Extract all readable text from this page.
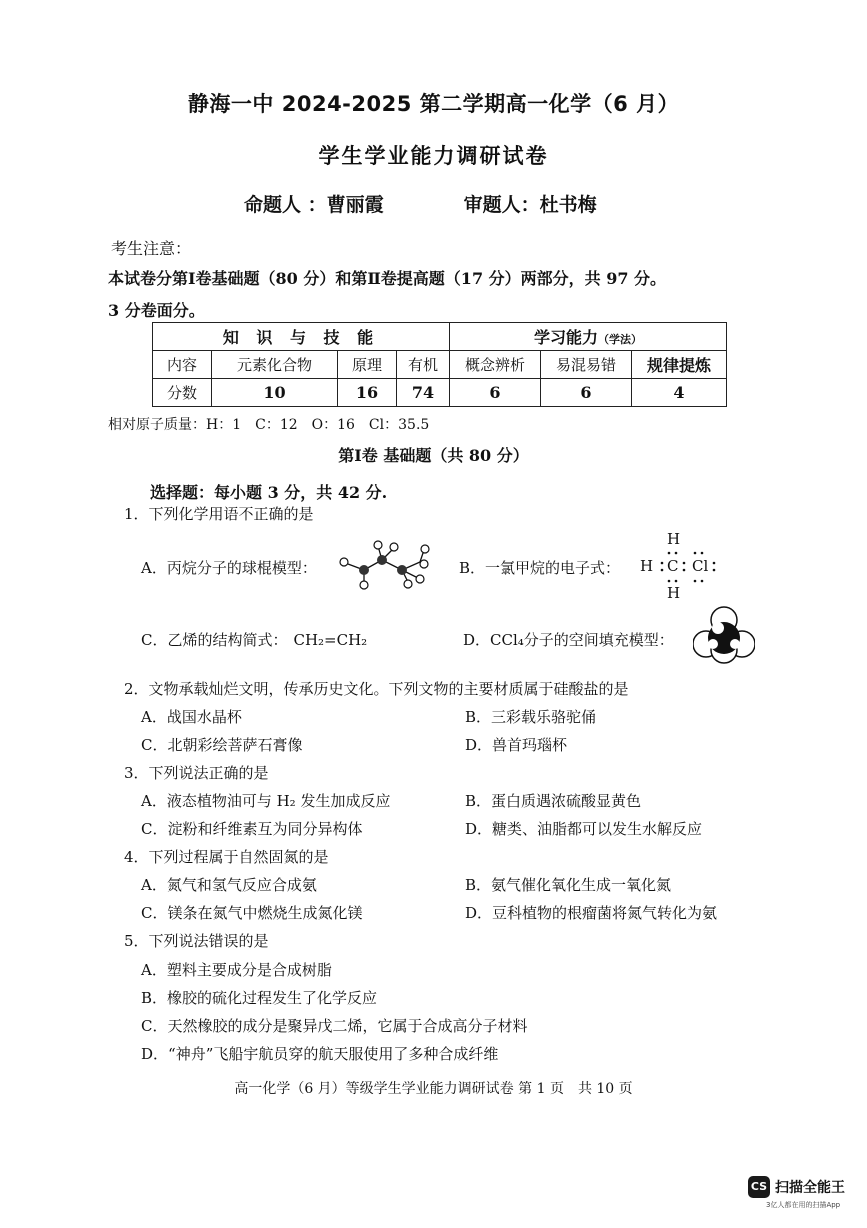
静海一中 2024-2025 第二学期高一化学（6 月）
学生学业能力调研试卷
命题人 ：曹丽霞	审题人：杜书梅
考生注意：
本试卷分第Ⅰ卷基础题（80 分）和第Ⅱ卷提高题（17 分）两部分，共 97 分。
3 分卷面分。
知 识 与 技 能				学习能力（学法）		
内容	元素化合物	原理	有机	概念辨析	易混易错	规律提炼
分数	10	16	74	6	6	4
相对原子质量：H：1　C：12　O：16　Cl：35.5
第Ⅰ卷 基础题（共 80 分）
选择题：每小题 3 分，共 42 分.
1．下列化学用语不正确的是
A．丙烷分子的球棍模型：	B．一氯甲烷的电子式：
H
H C Cl
H
C．乙烯的结构简式： CH₂=CH₂	D．CCl₄分子的空间填充模型：
2．文物承载灿烂文明，传承历史文化。下列文物的主要材质属于硅酸盐的是
A．战国水晶杯	B．三彩载乐骆驼俑
C．北朝彩绘菩萨石膏像	D．兽首玛瑙杯
3．下列说法正确的是
A．液态植物油可与 H₂ 发生加成反应	B．蛋白质遇浓硫酸显黄色
C．淀粉和纤维素互为同分异构体	D．糖类、油脂都可以发生水解反应
4．下列过程属于自然固氮的是
A．氮气和氢气反应合成氨	B．氨气催化氧化生成一氧化氮
C．镁条在氮气中燃烧生成氮化镁	D．豆科植物的根瘤菌将氮气转化为氨
5．下列说法错误的是
A．塑料主要成分是合成树脂
B．橡胶的硫化过程发生了化学反应
C．天然橡胶的成分是聚异戊二烯，它属于合成高分子材料
D．“神舟”飞船宇航员穿的航天服使用了多种合成纤维
高一化学（6 月）等级学生学业能力调研试卷 第 1 页　共 10 页
CS 扫描全能王
3亿人都在用的扫描App
